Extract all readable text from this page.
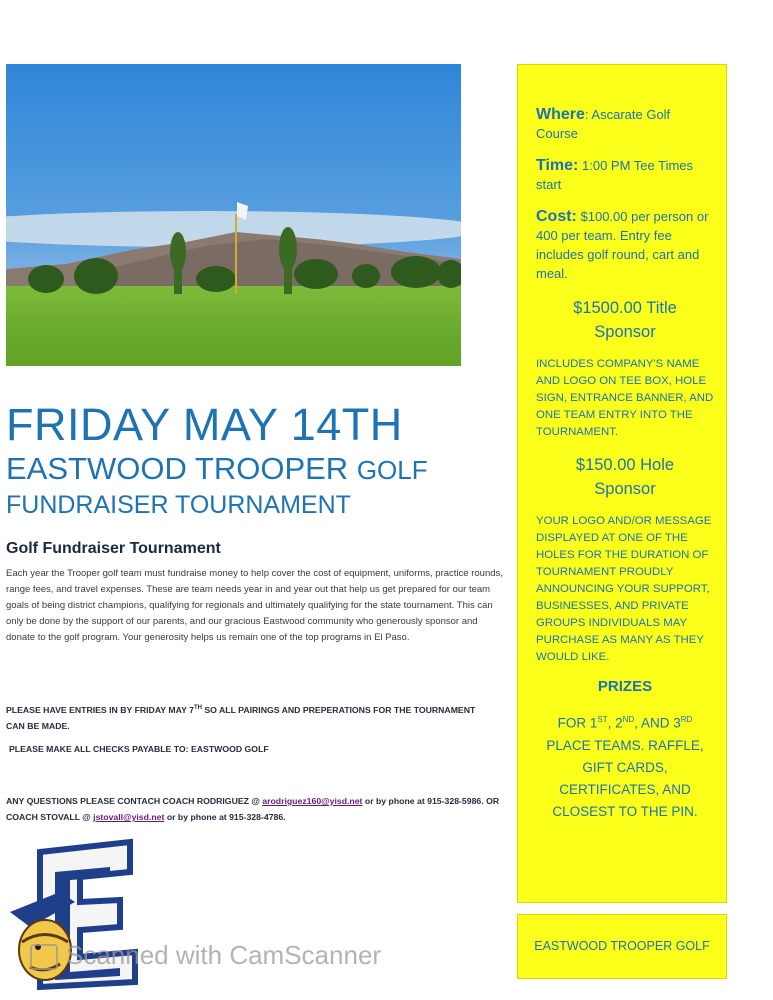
FRIDAY MAY 14TH
EASTWOOD TROOPER GOLF
FUNDRAISER TOURNAMENT
Golf Fundraiser Tournament

Each year the Trooper golf team must fundraise money to help cover the cost of equipment, uniforms, practice rounds, range fees, and travel expenses. These are team needs year in and year out that help us get prepared for our team goals of being district champions, qualifying for regionals and ultimately qualifying for the state tournament. This can only be done by the support of our parents, and our gracious Eastwood community who generously sponsor and donate to the golf program. Your generosity helps us remain one of the top programs in El Paso.

PLEASE HAVE ENTRIES IN BY FRIDAY MAY 7TH SO ALL PAIRINGS AND PREPERATIONS FOR THE TOURNAMENT CAN BE MADE.

PLEASE MAKE ALL CHECKS PAYABLE TO: EASTWOOD GOLF

ANY QUESTIONS PLEASE CONTACH COACH RODRIGUEZ @ arodriguez160@yisd.net or by phone at 915-328-5986. OR COACH STOVALL @ jstovall@yisd.net or by phone at 915-328-4786.

Scanned with CamScanner

Where: Ascarate Golf Course

Time: 1:00 PM Tee Times start

Cost: $100.00 per person or 400 per team. Entry fee includes golf round, cart and meal.

$1500.00 Title Sponsor

INCLUDES COMPANY'S NAME AND LOGO ON TEE BOX, HOLE SIGN, ENTRANCE BANNER, AND ONE TEAM ENTRY INTO THE TOURNAMENT.

$150.00 Hole Sponsor

YOUR LOGO AND/OR MESSAGE DISPLAYED AT ONE OF THE HOLES FOR THE DURATION OF TOURNAMENT PROUDLY ANNOUNCING YOUR SUPPORT, BUSINESSES, AND PRIVATE GROUPS INDIVIDUALS MAY PURCHASE AS MANY AS THEY WOULD LIKE.

PRIZES

FOR 1ST, 2ND, AND 3RD PLACE TEAMS. RAFFLE, GIFT CARDS, CERTIFICATES, AND CLOSEST TO THE PIN.

EASTWOOD TROOPER GOLF
